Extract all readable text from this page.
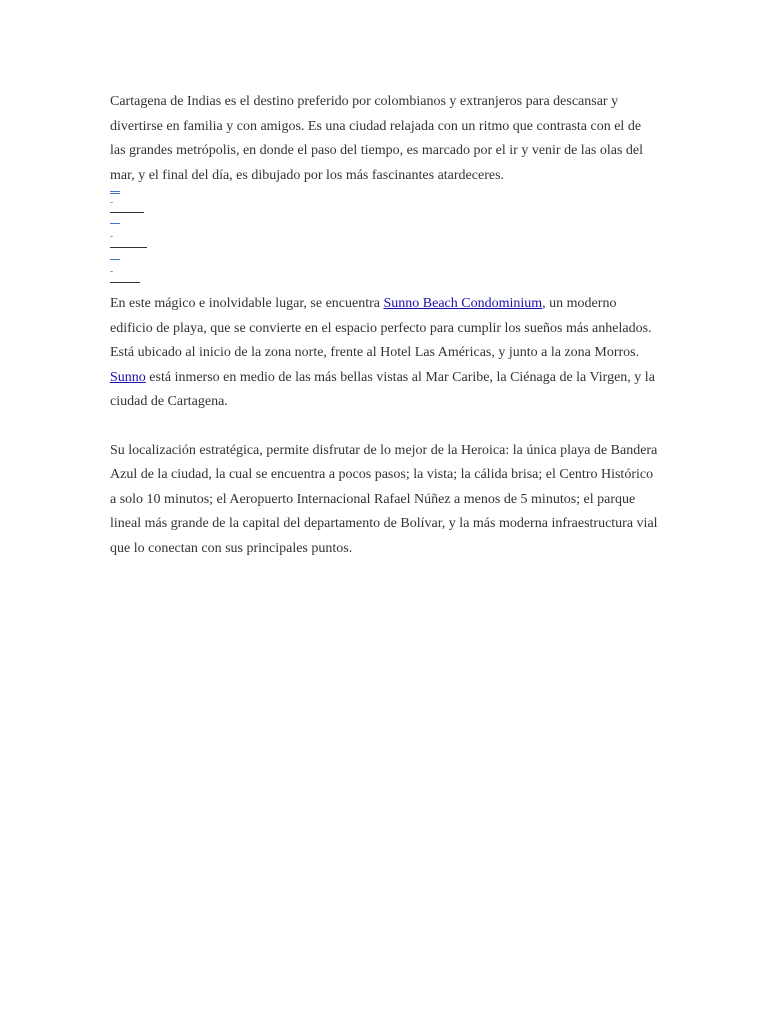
Cartagena de Indias es el destino preferido por colombianos y extranjeros para descansar y divertirse en familia y con amigos. Es una ciudad relajada con un ritmo que contrasta con el de las grandes metrópolis, en donde el paso del tiempo, es marcado por el ir y venir de las olas del mar, y el final del día, es dibujado por los más fascinantes atardeceres.

En este mágico e inolvidable lugar, se encuentra Sunno Beach Condominium, un moderno edificio de playa, que se convierte en el espacio perfecto para cumplir los sueños más anhelados. Está ubicado al inicio de la zona norte, frente al Hotel Las Américas, y junto a la zona Morros. Sunno está inmerso en medio de las más bellas vistas al Mar Caribe, la Ciénaga de la Virgen, y la ciudad de Cartagena.

Su localización estratégica, permite disfrutar de lo mejor de la Heroica: la única playa de Bandera Azul de la ciudad, la cual se encuentra a pocos pasos; la vista; la cálida brisa; el Centro Histórico a solo 10 minutos; el Aeropuerto Internacional Rafael Núñez a menos de 5 minutos; el parque lineal más grande de la capital del departamento de Bolívar, y la más moderna infraestructura vial que lo conectan con sus principales puntos.
